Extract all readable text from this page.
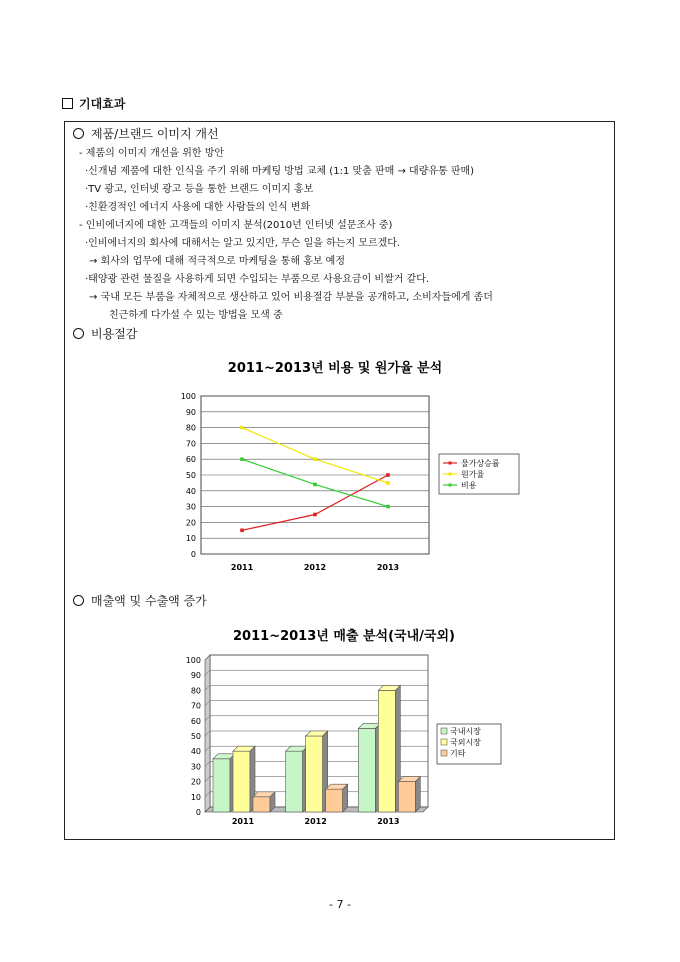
기대효과
제품/브랜드 이미지 개선
- 제품의 이미지 개선을 위한 방안
·신개념 제품에 대한 인식을 주기 위해 마케팅 방법 교체 (1:1 맞춤 판매 → 대량유통 판매)
·TV 광고, 인터넷 광고 등을 통한 브랜드 이미지 홍보
·친환경적인 에너지 사용에 대한 사람들의 인식 변화
- 인비에너지에 대한 고객들의 이미지 분석(2010년 인터넷 설문조사 중)
·인비에너지의 회사에 대해서는 알고 있지만, 무슨 일을 하는지 모르겠다.
→ 회사의 업무에 대해 적극적으로 마케팅을 통해 홍보 예정
·태양광 관련 물질을 사용하게 되면 수입되는 부품으로 사용요금이 비쌀거 같다.
→ 국내 모든 부품을 자체적으로 생산하고 있어 비용절감 부분을 공개하고, 소비자들에게 좀더
친근하게 다가설 수 있는 방법을 모색 중
비용절감
2011~2013년 비용 및 원가율 분석
0
10
20
30
40
50
60
70
80
90
100
2011	2012	2013
물가상승률
원가율
비용
매출액 및 수출액 증가
2011~2013년 매출 분석(국내/국외)
0
10
20
30
40
50
60
70
80
90
100
2011	2012	2013
국내시장
국외시장
기타
- 7 -
